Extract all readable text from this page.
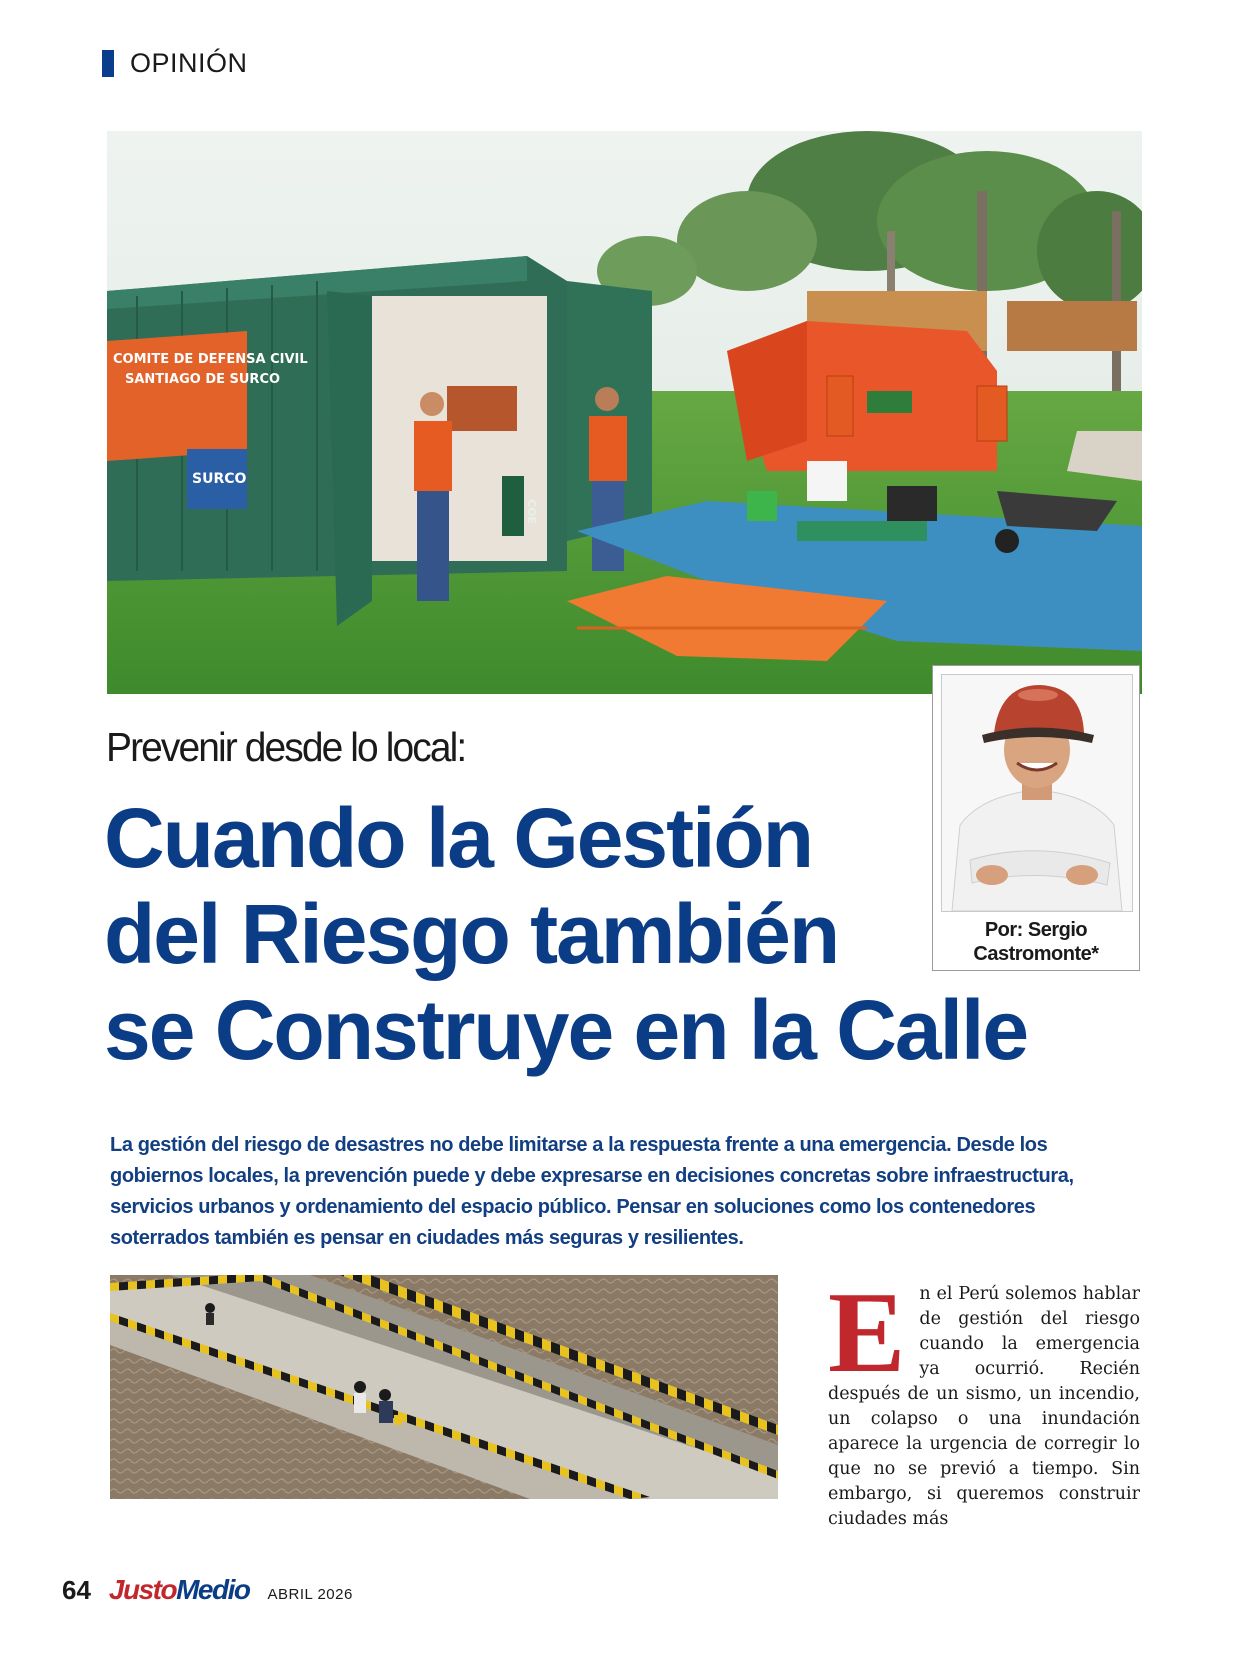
OPINIÓN
COMITE DE DEFENSA CIVIL
SANTIAGO DE SURCO
SURCO
COE
Por: Sergio
Castromonte*
Prevenir desde lo local:
Cuando la Gestión
del Riesgo también
se Construye en la Calle
La gestión del riesgo de desastres no debe limitarse a la respuesta frente a una emergencia. Desde los gobiernos locales, la prevención puede y debe expresarse en decisiones concretas sobre infraestructura, servicios urbanos y ordenamiento del espacio público. Pensar en soluciones como los contenedores soterrados también es pensar en ciudades más seguras y resilientes.
E n el Perú solemos hablar de gestión del riesgo cuando la emergencia ya ocurrió. Recién después de un sismo, un incendio, un colapso o una inundación aparece la urgencia de corregir lo que no se previó a tiempo. Sin embargo, si queremos construir ciudades más
64 JustoMedio ABRIL 2026
